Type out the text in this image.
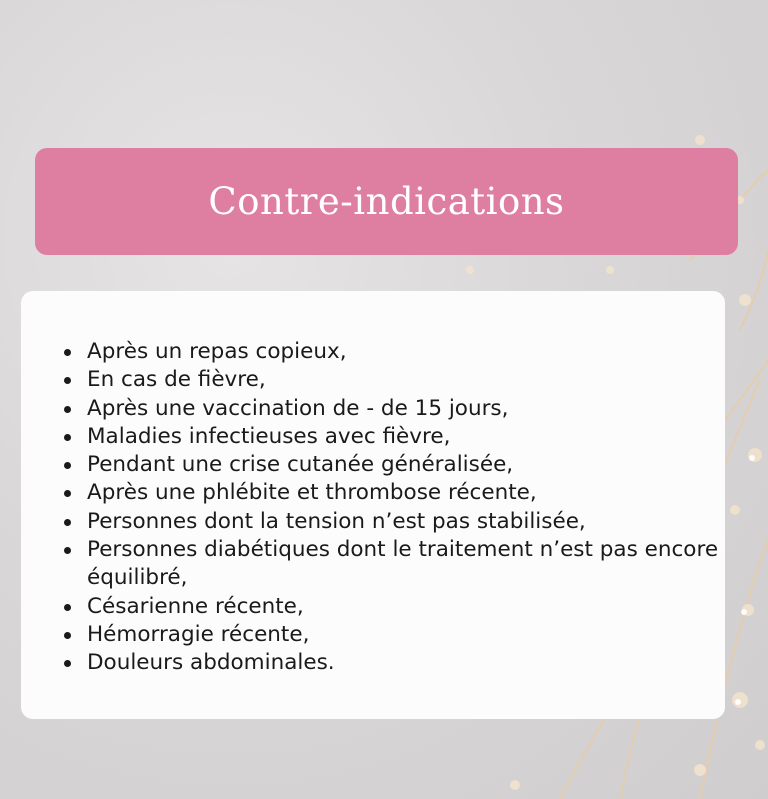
Contre-indications
Après un repas copieux,
En cas de fièvre,
Après une vaccination de - de 15 jours,
Maladies infectieuses avec fièvre,
Pendant une crise cutanée généralisée,
Après une phlébite et thrombose récente,
Personnes dont la tension n’est pas stabilisée,
Personnes diabétiques dont le traitement n’est pas encore équilibré,
Césarienne récente,
Hémorragie récente,
Douleurs abdominales.
